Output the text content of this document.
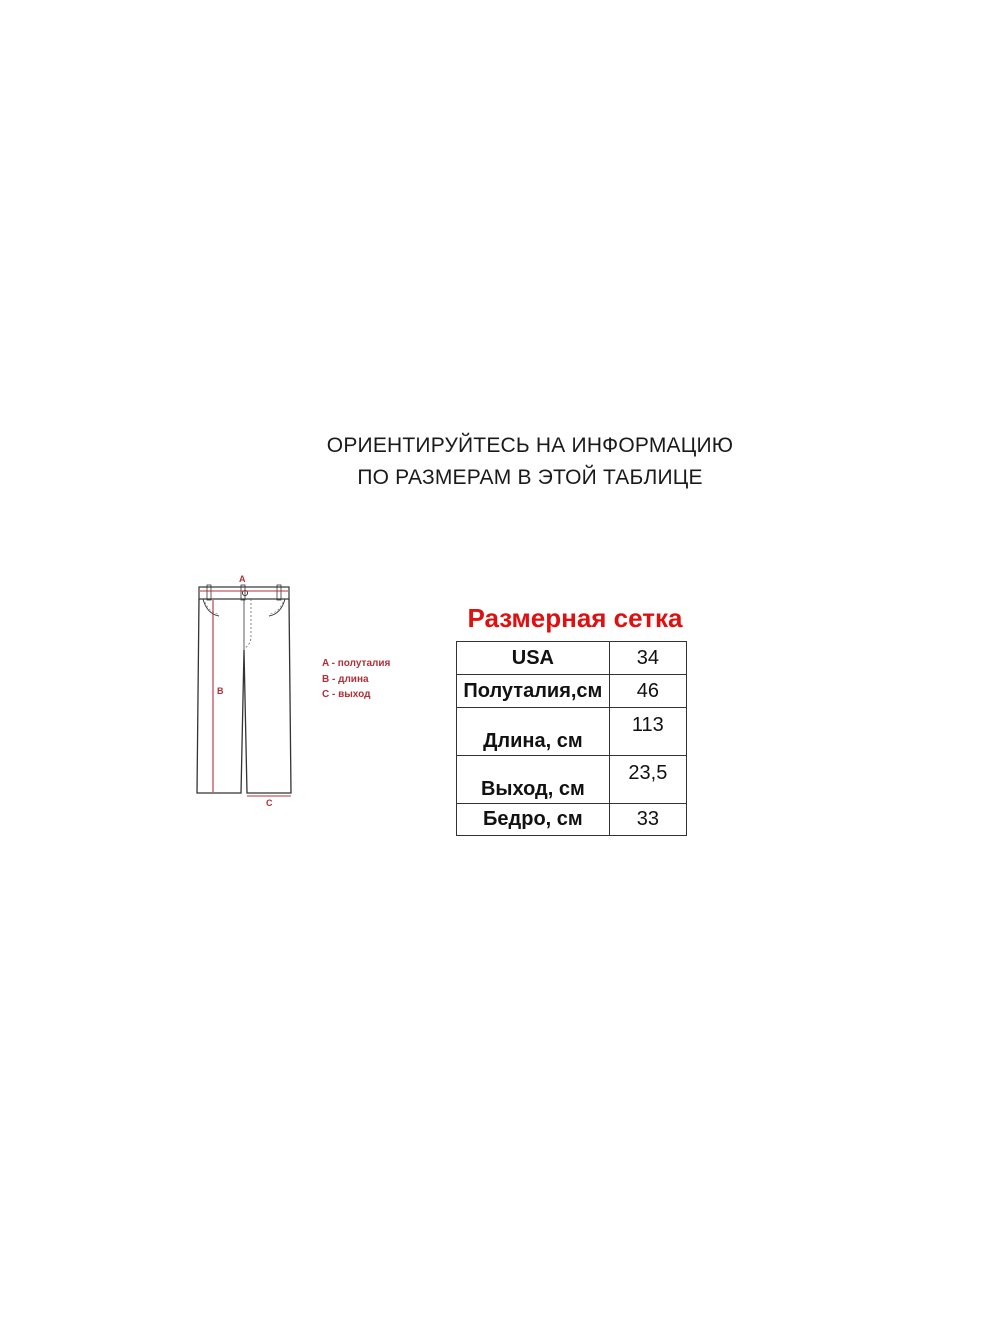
ОРИЕНТИРУЙТЕСЬ НА ИНФОРМАЦИЮ
ПО РАЗМЕРАМ В ЭТОЙ ТАБЛИЦЕ
A
B
C
A - полуталия
B - длина
C - выход
Размерная сетка
USA	34
Полуталия,см	46
Длина, см	113
Выход, см	23,5
Бедро, см	33
